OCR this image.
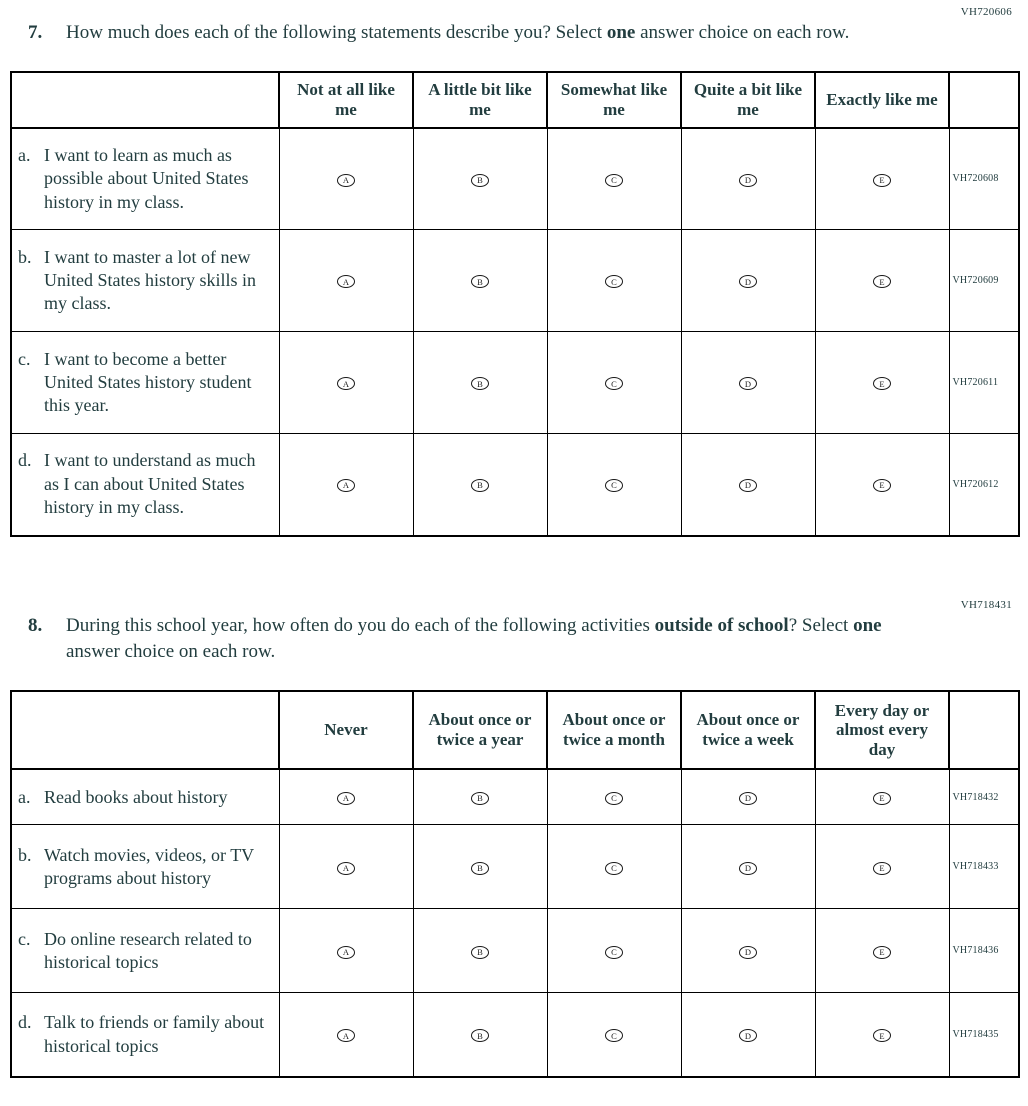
VH720606
7.	How much does each of the following statements describe you? Select one answer choice on each row.
	Not at all like me	A little bit like me	Somewhat like me	Quite a bit like me	Exactly like me	

a. I want to learn as much as possible about United States history in my class.	A	B	C	D	E	VH720608

b. I want to master a lot of new United States history skills in my class.	A	B	C	D	E	VH720609

c. I want to become a better United States history student this year.	A	B	C	D	E	VH720611

d. I want to understand as much as I can about United States history in my class.	A	B	C	D	E	VH720612
VH718431
8.	During this school year, how often do you do each of the following activities outside of school? Select one answer choice on each row.
	Never	About once or twice a year	About once or twice a month	About once or twice a week	Every day or almost every day	

a. Read books about history	A	B	C	D	E	VH718432

b. Watch movies, videos, or TV programs about history	A	B	C	D	E	VH718433

c. Do online research related to historical topics	A	B	C	D	E	VH718436

d. Talk to friends or family about historical topics	A	B	C	D	E	VH718435
